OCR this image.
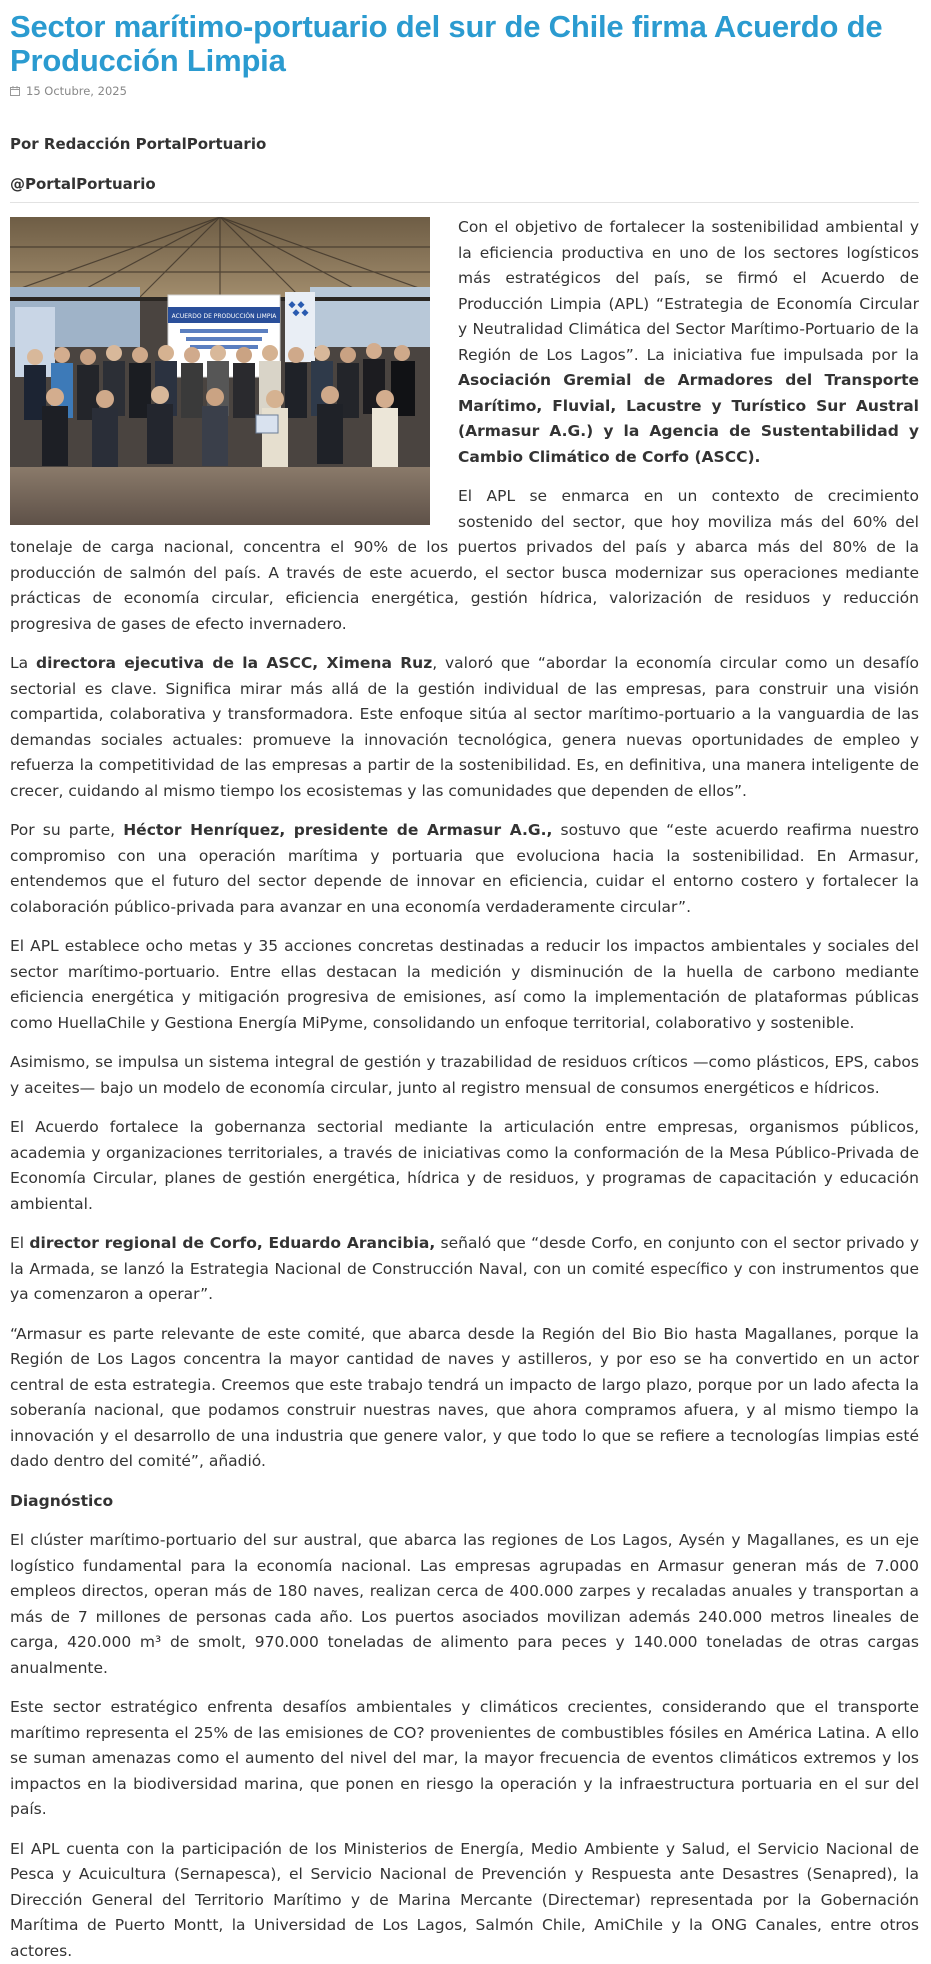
Sector marítimo-portuario del sur de Chile firma Acuerdo de Producción Limpia
15 Octubre, 2025

Por Redacción PortalPortuario

@PortalPortuario

ACUERDO DE PRODUCCIÓN LIMPIA

Con el objetivo de fortalecer la sostenibilidad ambiental y la eficiencia productiva en uno de los sectores logísticos más estratégicos del país, se firmó el Acuerdo de Producción Limpia (APL) “Estrategia de Economía Circular y Neutralidad Climática del Sector Marítimo-Portuario de la Región de Los Lagos”. La iniciativa fue impulsada por la Asociación Gremial de Armadores del Transporte Marítimo, Fluvial, Lacustre y Turístico Sur Austral (Armasur A.G.) y la Agencia de Sustentabilidad y Cambio Climático de Corfo (ASCC).

El APL se enmarca en un contexto de crecimiento sostenido del sector, que hoy moviliza más del 60% del tonelaje de carga nacional, concentra el 90% de los puertos privados del país y abarca más del 80% de la producción de salmón del país. A través de este acuerdo, el sector busca modernizar sus operaciones mediante prácticas de economía circular, eficiencia energética, gestión hídrica, valorización de residuos y reducción progresiva de gases de efecto invernadero.

La directora ejecutiva de la ASCC, Ximena Ruz, valoró que “abordar la economía circular como un desafío sectorial es clave. Significa mirar más allá de la gestión individual de las empresas, para construir una visión compartida, colaborativa y transformadora. Este enfoque sitúa al sector marítimo-portuario a la vanguardia de las demandas sociales actuales: promueve la innovación tecnológica, genera nuevas oportunidades de empleo y refuerza la competitividad de las empresas a partir de la sostenibilidad. Es, en definitiva, una manera inteligente de crecer, cuidando al mismo tiempo los ecosistemas y las comunidades que dependen de ellos”.

Por su parte, Héctor Henríquez, presidente de Armasur A.G., sostuvo que “este acuerdo reafirma nuestro compromiso con una operación marítima y portuaria que evoluciona hacia la sostenibilidad. En Armasur, entendemos que el futuro del sector depende de innovar en eficiencia, cuidar el entorno costero y fortalecer la colaboración público-privada para avanzar en una economía verdaderamente circular”.

El APL establece ocho metas y 35 acciones concretas destinadas a reducir los impactos ambientales y sociales del sector marítimo-portuario. Entre ellas destacan la medición y disminución de la huella de carbono mediante eficiencia energética y mitigación progresiva de emisiones, así como la implementación de plataformas públicas como HuellaChile y Gestiona Energía MiPyme, consolidando un enfoque territorial, colaborativo y sostenible.

Asimismo, se impulsa un sistema integral de gestión y trazabilidad de residuos críticos —como plásticos, EPS, cabos y aceites— bajo un modelo de economía circular, junto al registro mensual de consumos energéticos e hídricos.

El Acuerdo fortalece la gobernanza sectorial mediante la articulación entre empresas, organismos públicos, academia y organizaciones territoriales, a través de iniciativas como la conformación de la Mesa Público-Privada de Economía Circular, planes de gestión energética, hídrica y de residuos, y programas de capacitación y educación ambiental.

El director regional de Corfo, Eduardo Arancibia, señaló que “desde Corfo, en conjunto con el sector privado y la Armada, se lanzó la Estrategia Nacional de Construcción Naval, con un comité específico y con instrumentos que ya comenzaron a operar”.

“Armasur es parte relevante de este comité, que abarca desde la Región del Bio Bio hasta Magallanes, porque la Región de Los Lagos concentra la mayor cantidad de naves y astilleros, y por eso se ha convertido en un actor central de esta estrategia. Creemos que este trabajo tendrá un impacto de largo plazo, porque por un lado afecta la soberanía nacional, que podamos construir nuestras naves, que ahora compramos afuera, y al mismo tiempo la innovación y el desarrollo de una industria que genere valor, y que todo lo que se refiere a tecnologías limpias esté dado dentro del comité”, añadió.

Diagnóstico

El clúster marítimo-portuario del sur austral, que abarca las regiones de Los Lagos, Aysén y Magallanes, es un eje logístico fundamental para la economía nacional. Las empresas agrupadas en Armasur generan más de 7.000 empleos directos, operan más de 180 naves, realizan cerca de 400.000 zarpes y recaladas anuales y transportan a más de 7 millones de personas cada año. Los puertos asociados movilizan además 240.000 metros lineales de carga, 420.000 m³ de smolt, 970.000 toneladas de alimento para peces y 140.000 toneladas de otras cargas anualmente.

Este sector estratégico enfrenta desafíos ambientales y climáticos crecientes, considerando que el transporte marítimo representa el 25% de las emisiones de CO? provenientes de combustibles fósiles en América Latina. A ello se suman amenazas como el aumento del nivel del mar, la mayor frecuencia de eventos climáticos extremos y los impactos en la biodiversidad marina, que ponen en riesgo la operación y la infraestructura portuaria en el sur del país.

El APL cuenta con la participación de los Ministerios de Energía, Medio Ambiente y Salud, el Servicio Nacional de Pesca y Acuicultura (Sernapesca), el Servicio Nacional de Prevención y Respuesta ante Desastres (Senapred), la Dirección General del Territorio Marítimo y de Marina Mercante (Directemar) representada por la Gobernación Marítima de Puerto Montt, la Universidad de Los Lagos, Salmón Chile, AmiChile y la ONG Canales, entre otros actores.
